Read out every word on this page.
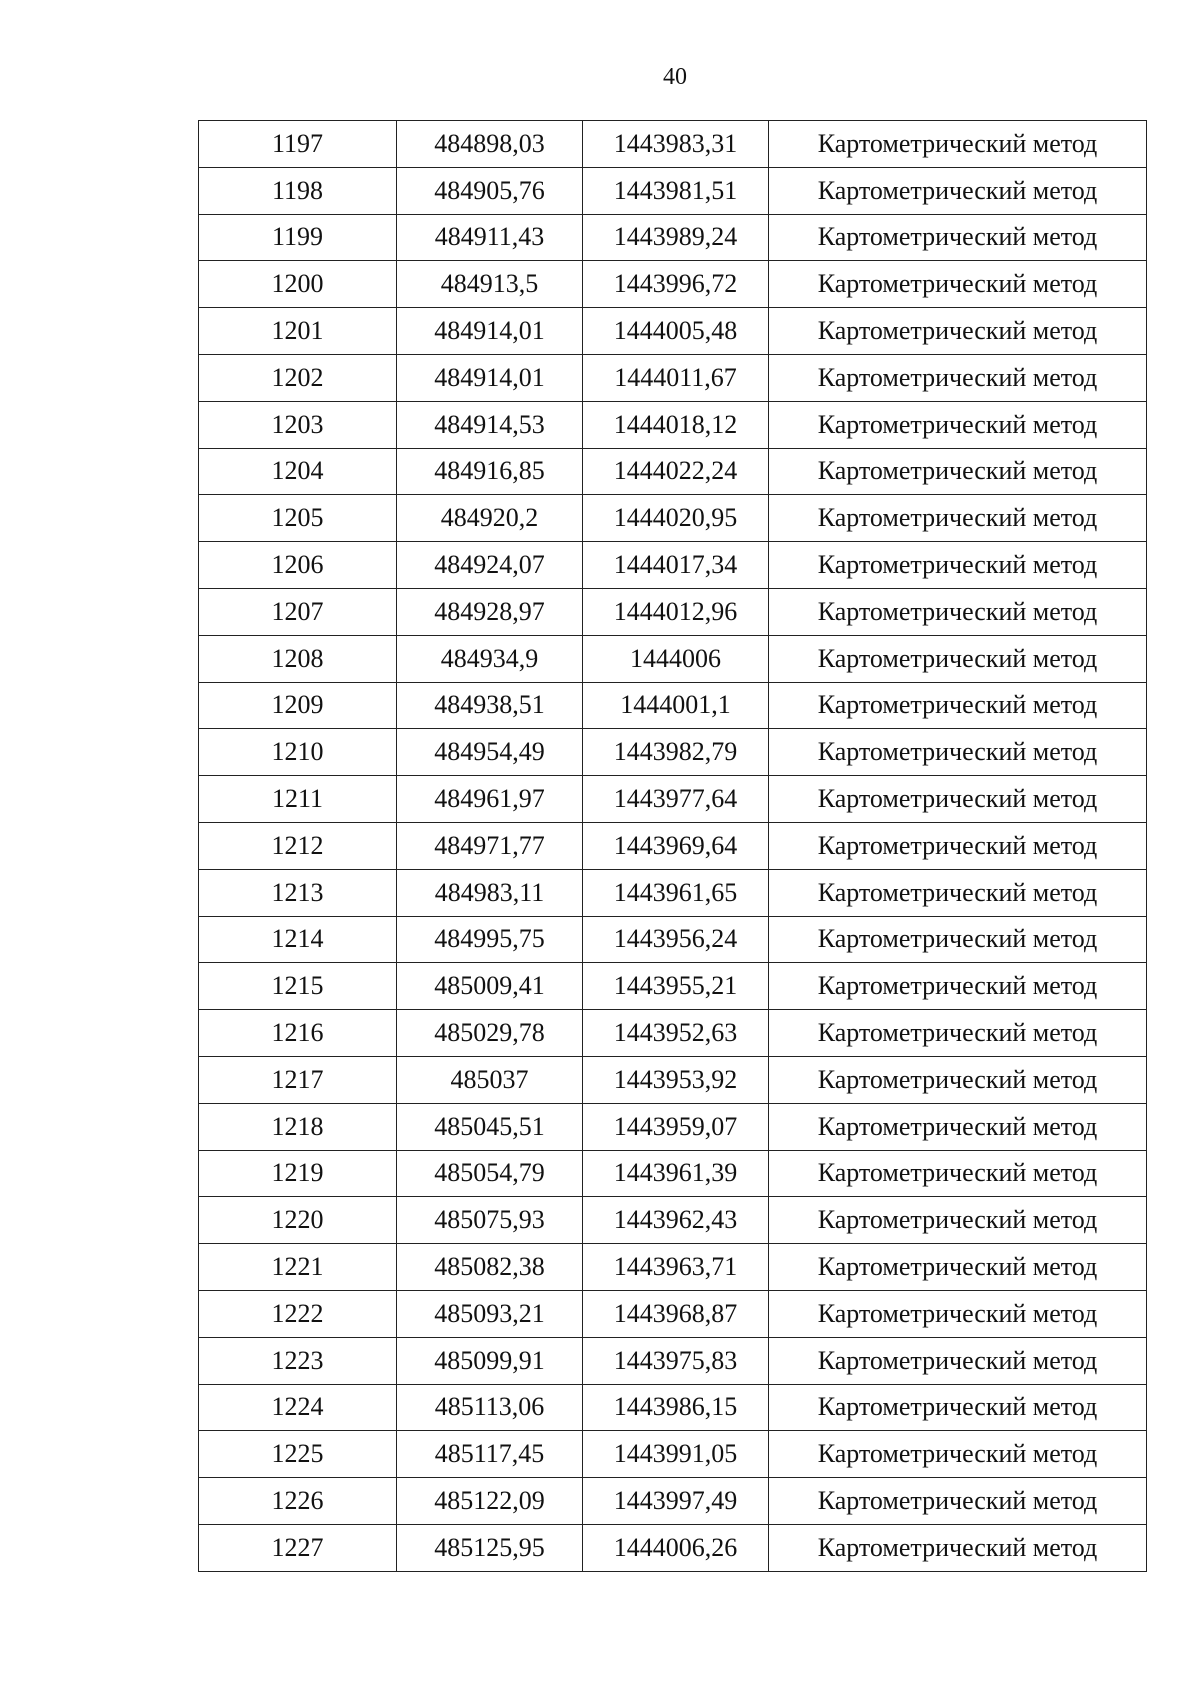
40
1197	484898,03	1443983,31	Картометрический метод
1198	484905,76	1443981,51	Картометрический метод
1199	484911,43	1443989,24	Картометрический метод
1200	484913,5	1443996,72	Картометрический метод
1201	484914,01	1444005,48	Картометрический метод
1202	484914,01	1444011,67	Картометрический метод
1203	484914,53	1444018,12	Картометрический метод
1204	484916,85	1444022,24	Картометрический метод
1205	484920,2	1444020,95	Картометрический метод
1206	484924,07	1444017,34	Картометрический метод
1207	484928,97	1444012,96	Картометрический метод
1208	484934,9	1444006	Картометрический метод
1209	484938,51	1444001,1	Картометрический метод
1210	484954,49	1443982,79	Картометрический метод
1211	484961,97	1443977,64	Картометрический метод
1212	484971,77	1443969,64	Картометрический метод
1213	484983,11	1443961,65	Картометрический метод
1214	484995,75	1443956,24	Картометрический метод
1215	485009,41	1443955,21	Картометрический метод
1216	485029,78	1443952,63	Картометрический метод
1217	485037	1443953,92	Картометрический метод
1218	485045,51	1443959,07	Картометрический метод
1219	485054,79	1443961,39	Картометрический метод
1220	485075,93	1443962,43	Картометрический метод
1221	485082,38	1443963,71	Картометрический метод
1222	485093,21	1443968,87	Картометрический метод
1223	485099,91	1443975,83	Картометрический метод
1224	485113,06	1443986,15	Картометрический метод
1225	485117,45	1443991,05	Картометрический метод
1226	485122,09	1443997,49	Картометрический метод
1227	485125,95	1444006,26	Картометрический метод
